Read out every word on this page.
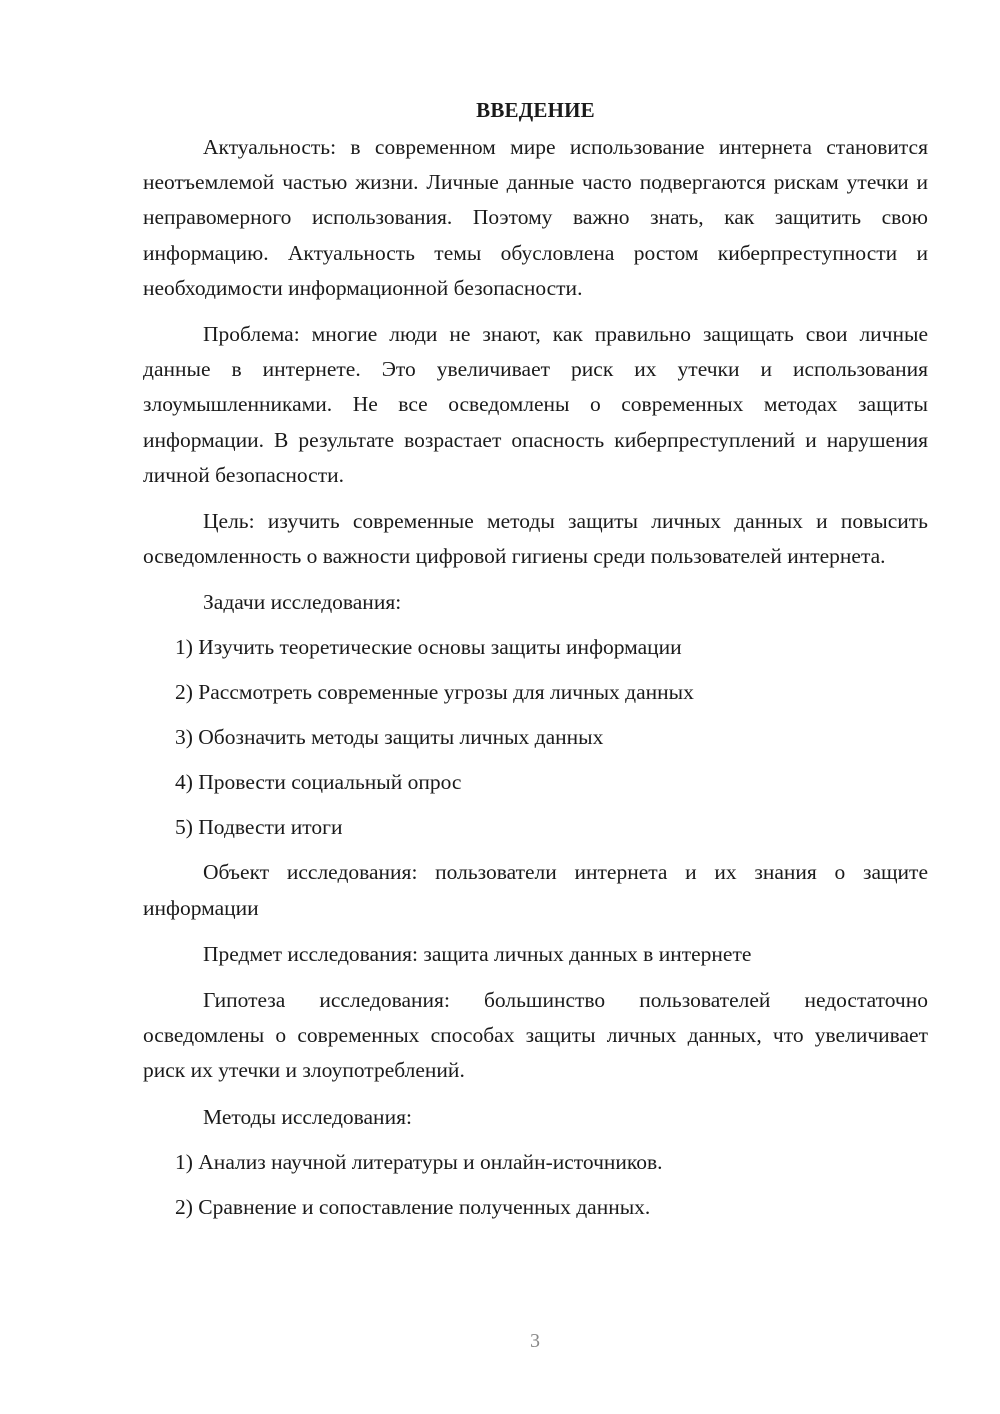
ВВЕДЕНИЕ

Актуальность: в современном мире использование интернета становится неотъемлемой частью жизни. Личные данные часто подвергаются рискам утечки и неправомерного использования. Поэтому важно знать, как защитить свою информацию. Актуальность темы обусловлена ростом киберпреступности и необходимости информационной безопасности.

Проблема: многие люди не знают, как правильно защищать свои личные данные в интернете. Это увеличивает риск их утечки и использования злоумышленниками. Не все осведомлены о современных методах защиты информации. В результате возрастает опасность киберпреступлений и нарушения личной безопасности.

Цель: изучить современные методы защиты личных данных и повысить осведомленность о важности цифровой гигиены среди пользователей интернета.

Задачи исследования:
1) Изучить теоретические основы защиты информации
2) Рассмотреть современные угрозы для личных данных
3) Обозначить методы защиты личных данных
4) Провести социальный опрос
5) Подвести итоги

Объект исследования: пользователи интернета и их знания о защите информации

Предмет исследования: защита личных данных в интернете

Гипотеза исследования: большинство пользователей недостаточно осведомлены о современных способах защиты личных данных, что увеличивает риск их утечки и злоупотреблений.

Методы исследования:
1) Анализ научной литературы и онлайн-источников.
2) Сравнение и сопоставление полученных данных.
3
